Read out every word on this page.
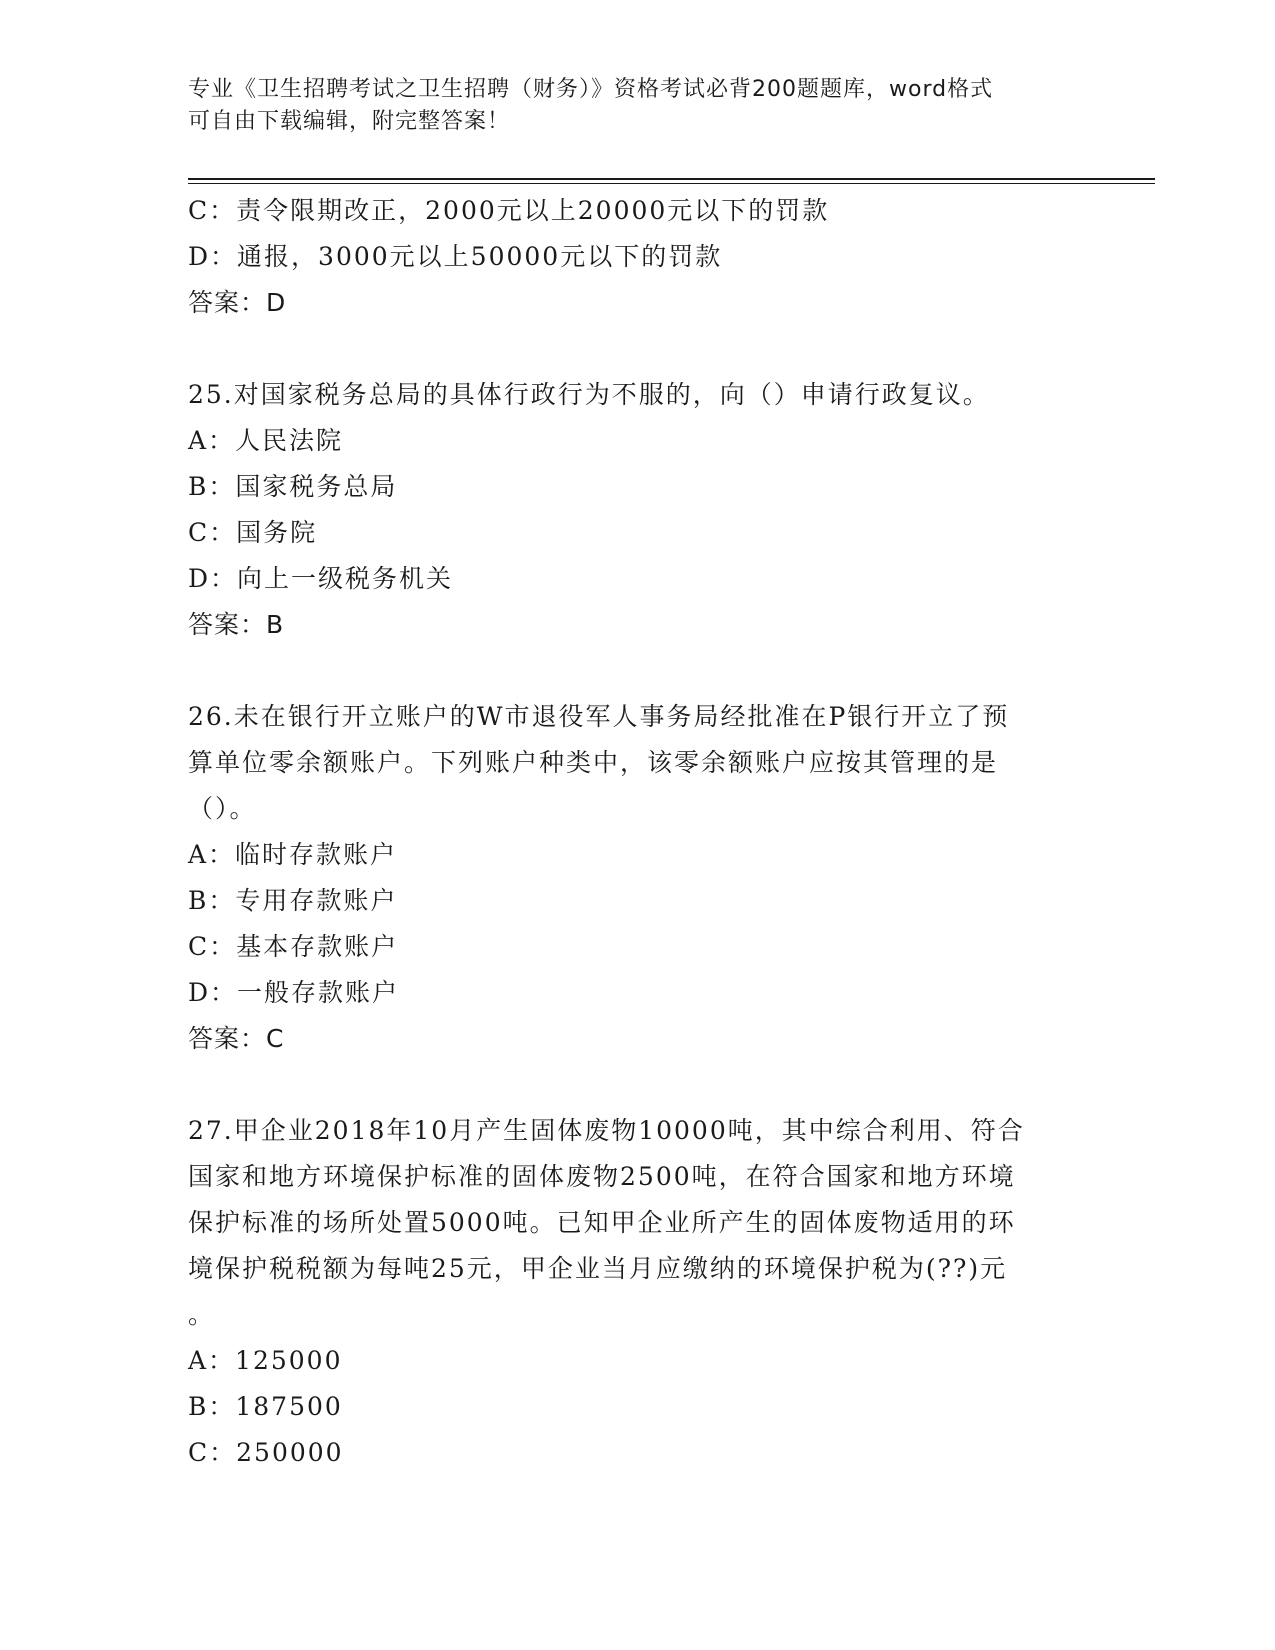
专业《卫生招聘考试之卫生招聘（财务）》资格考试必背200题题库，word格式
可自由下载编辑，附完整答案！
C：责令限期改正，2000元以上20000元以下的罚款
D：通报，3000元以上50000元以下的罚款
答案：D
25.对国家税务总局的具体行政行为不服的，向（）申请行政复议。
A：人民法院
B：国家税务总局
C：国务院
D：向上一级税务机关
答案：B
26.未在银行开立账户的W市退役军人事务局经批准在P银行开立了预
算单位零余额账户。下列账户种类中，该零余额账户应按其管理的是
（）。
A：临时存款账户
B：专用存款账户
C：基本存款账户
D：一般存款账户
答案：C
27.甲企业2018年10月产生固体废物10000吨，其中综合利用、符合
国家和地方环境保护标准的固体废物2500吨，在符合国家和地方环境
保护标准的场所处置5000吨。已知甲企业所产生的固体废物适用的环
境保护税税额为每吨25元，甲企业当月应缴纳的环境保护税为(??)元
。
A：125000
B：187500
C：250000
